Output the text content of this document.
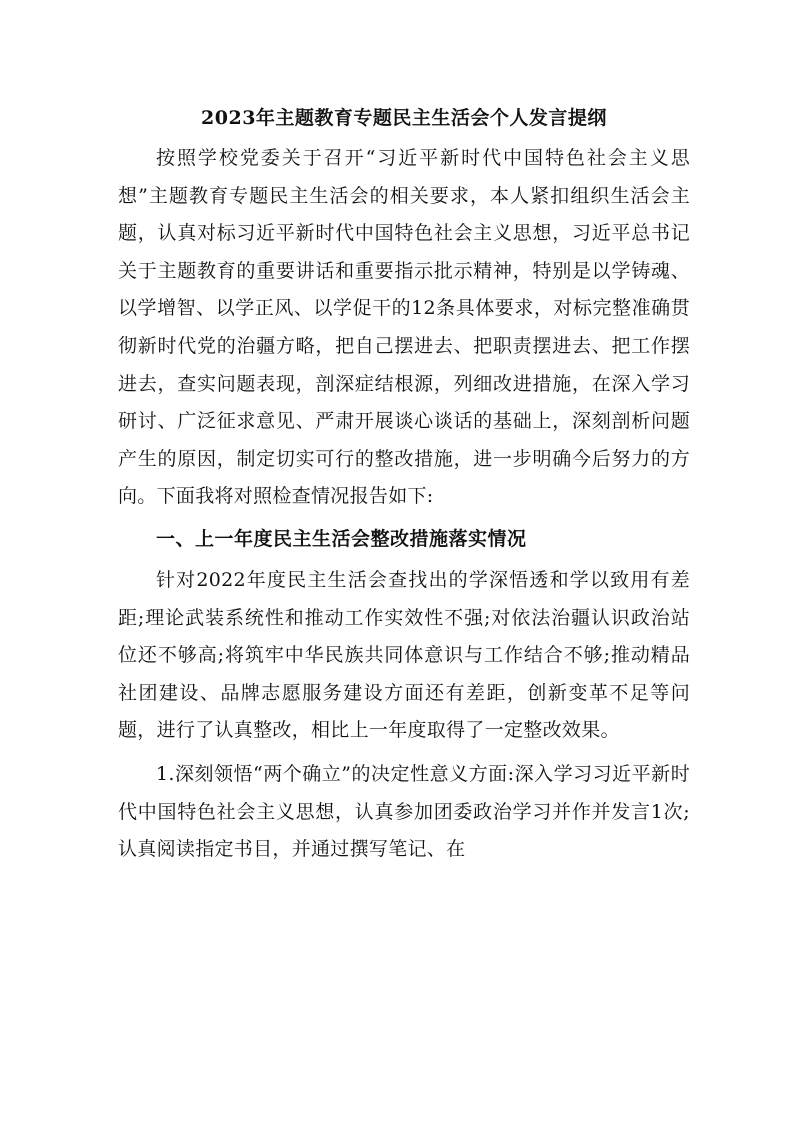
2023年主题教育专题民主生活会个人发言提纲

按照学校党委关于召开“习近平新时代中国特色社会主义思想”主题教育专题民主生活会的相关要求，本人紧扣组织生活会主题，认真对标习近平新时代中国特色社会主义思想，习近平总书记关于主题教育的重要讲话和重要指示批示精神，特别是以学铸魂、以学增智、以学正风、以学促干的12条具体要求，对标完整准确贯彻新时代党的治疆方略，把自己摆进去、把职责摆进去、把工作摆进去，查实问题表现，剖深症结根源，列细改进措施，在深入学习研讨、广泛征求意见、严肃开展谈心谈话的基础上，深刻剖析问题产生的原因，制定切实可行的整改措施，进一步明确今后努力的方向。下面我将对照检查情况报告如下:

一、上一年度民主生活会整改措施落实情况

针对2022年度民主生活会查找出的学深悟透和学以致用有差距;理论武装系统性和推动工作实效性不强;对依法治疆认识政治站位还不够高;将筑牢中华民族共同体意识与工作结合不够;推动精品社团建设、品牌志愿服务建设方面还有差距，创新变革不足等问题，进行了认真整改，相比上一年度取得了一定整改效果。

1.深刻领悟“两个确立”的决定性意义方面:深入学习习近平新时代中国特色社会主义思想，认真参加团委政治学习并作并发言1次;认真阅读指定书目，并通过撰写笔记、在
